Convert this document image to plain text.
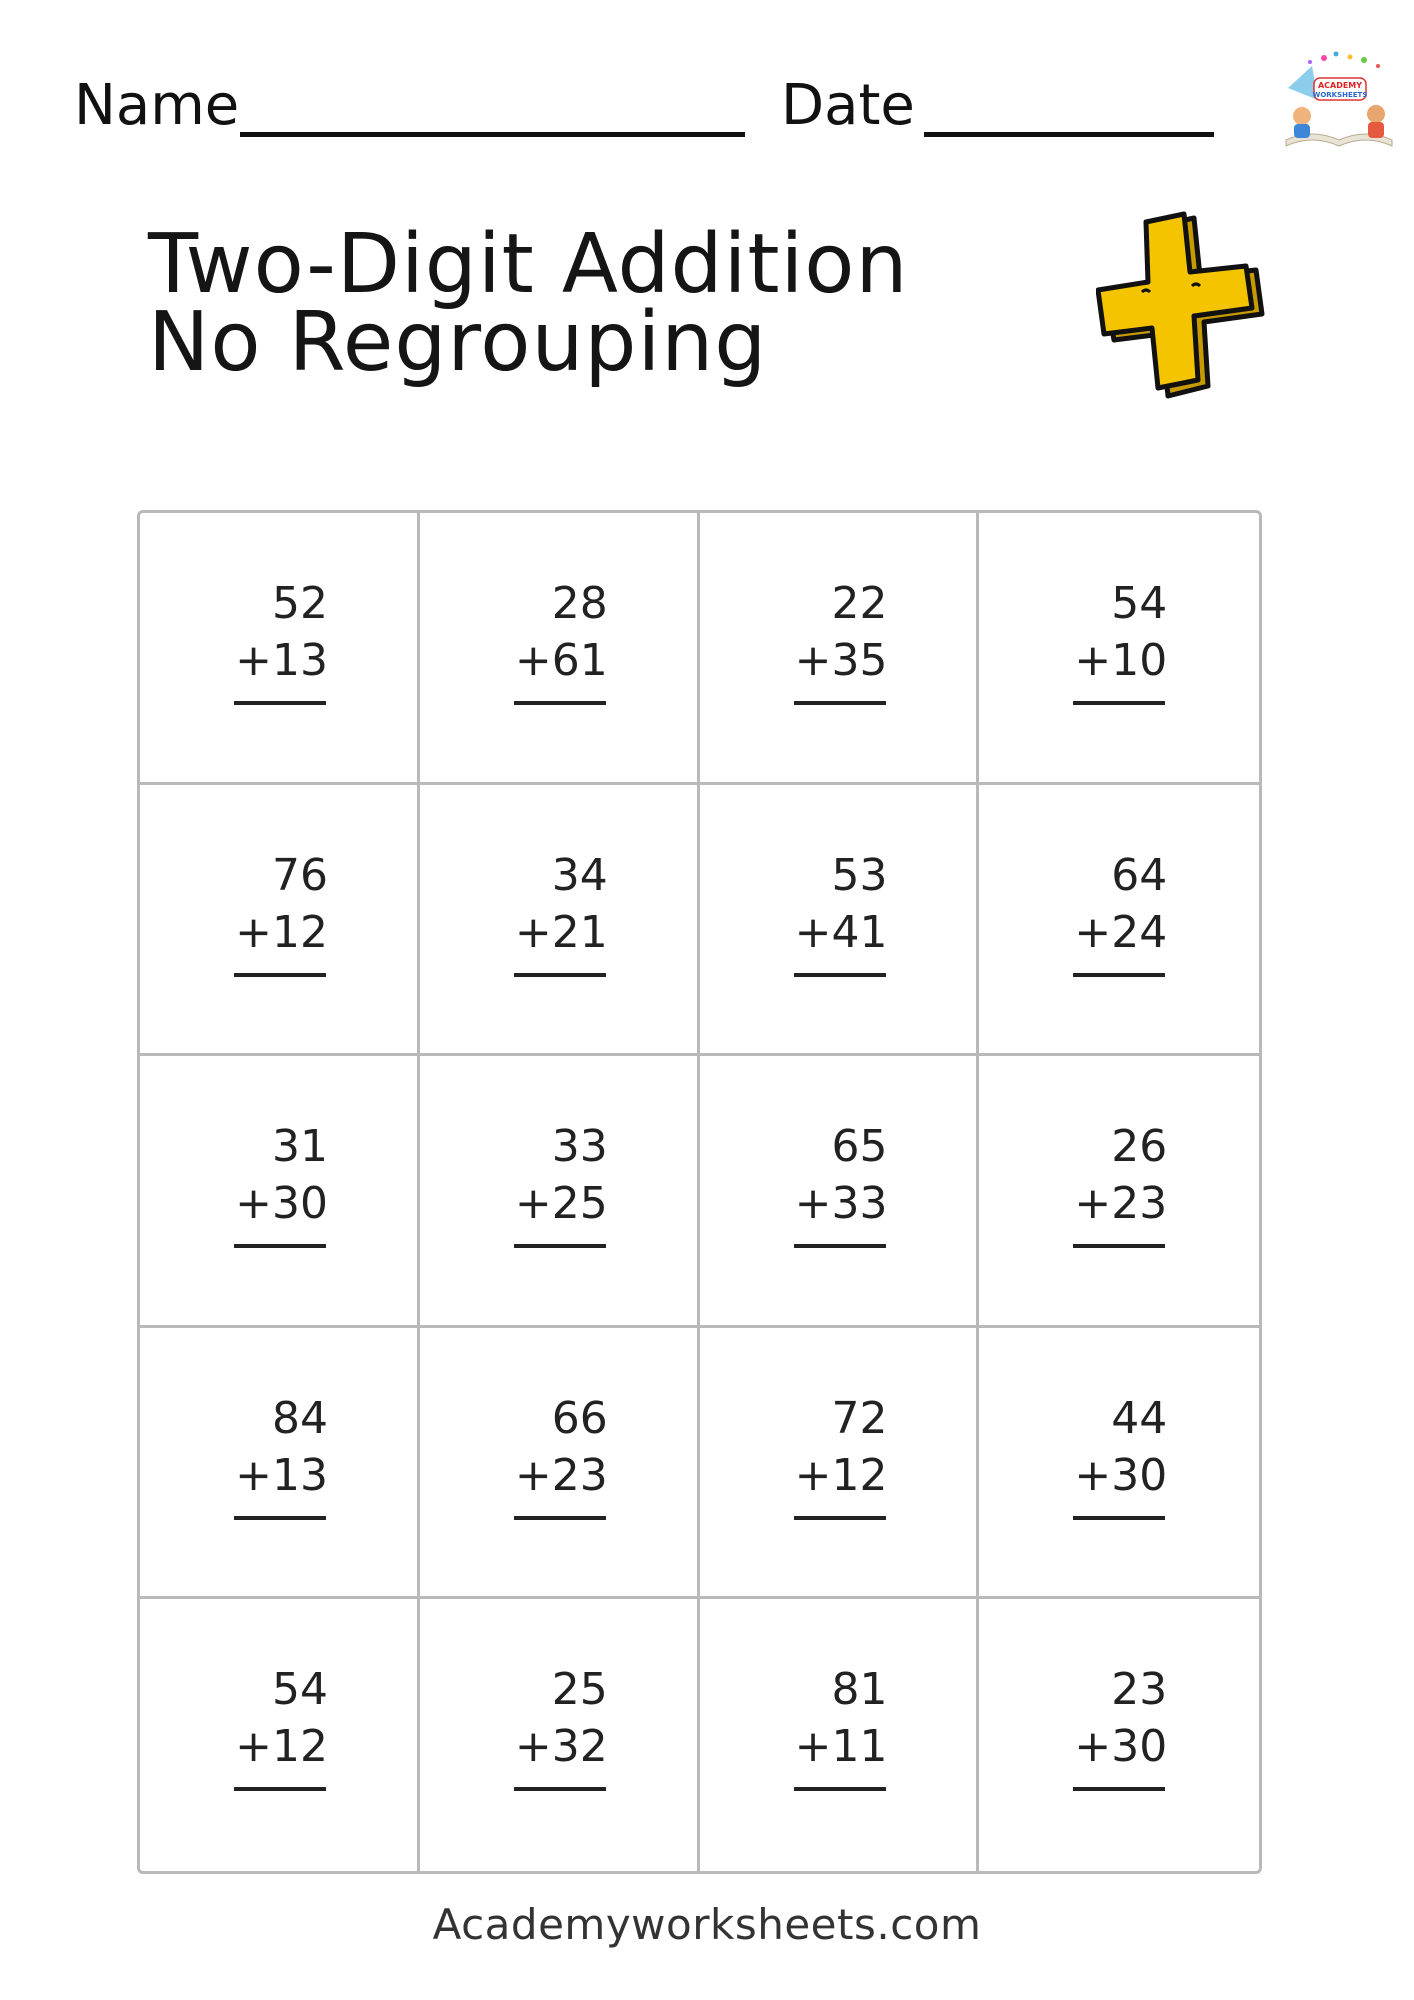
Name	Date	ACADEMY
WORKSHEETS
Two-Digit Addition No Regrouping
52
+13
28
+61
22
+35
54
+10
76
+12
34
+21
53
+41
64
+24
31
+30
33
+25
65
+33
26
+23
84
+13
66
+23
72
+12
44
+30
54
+12
25
+32
81
+11
23
+30
Academyworksheets.com
